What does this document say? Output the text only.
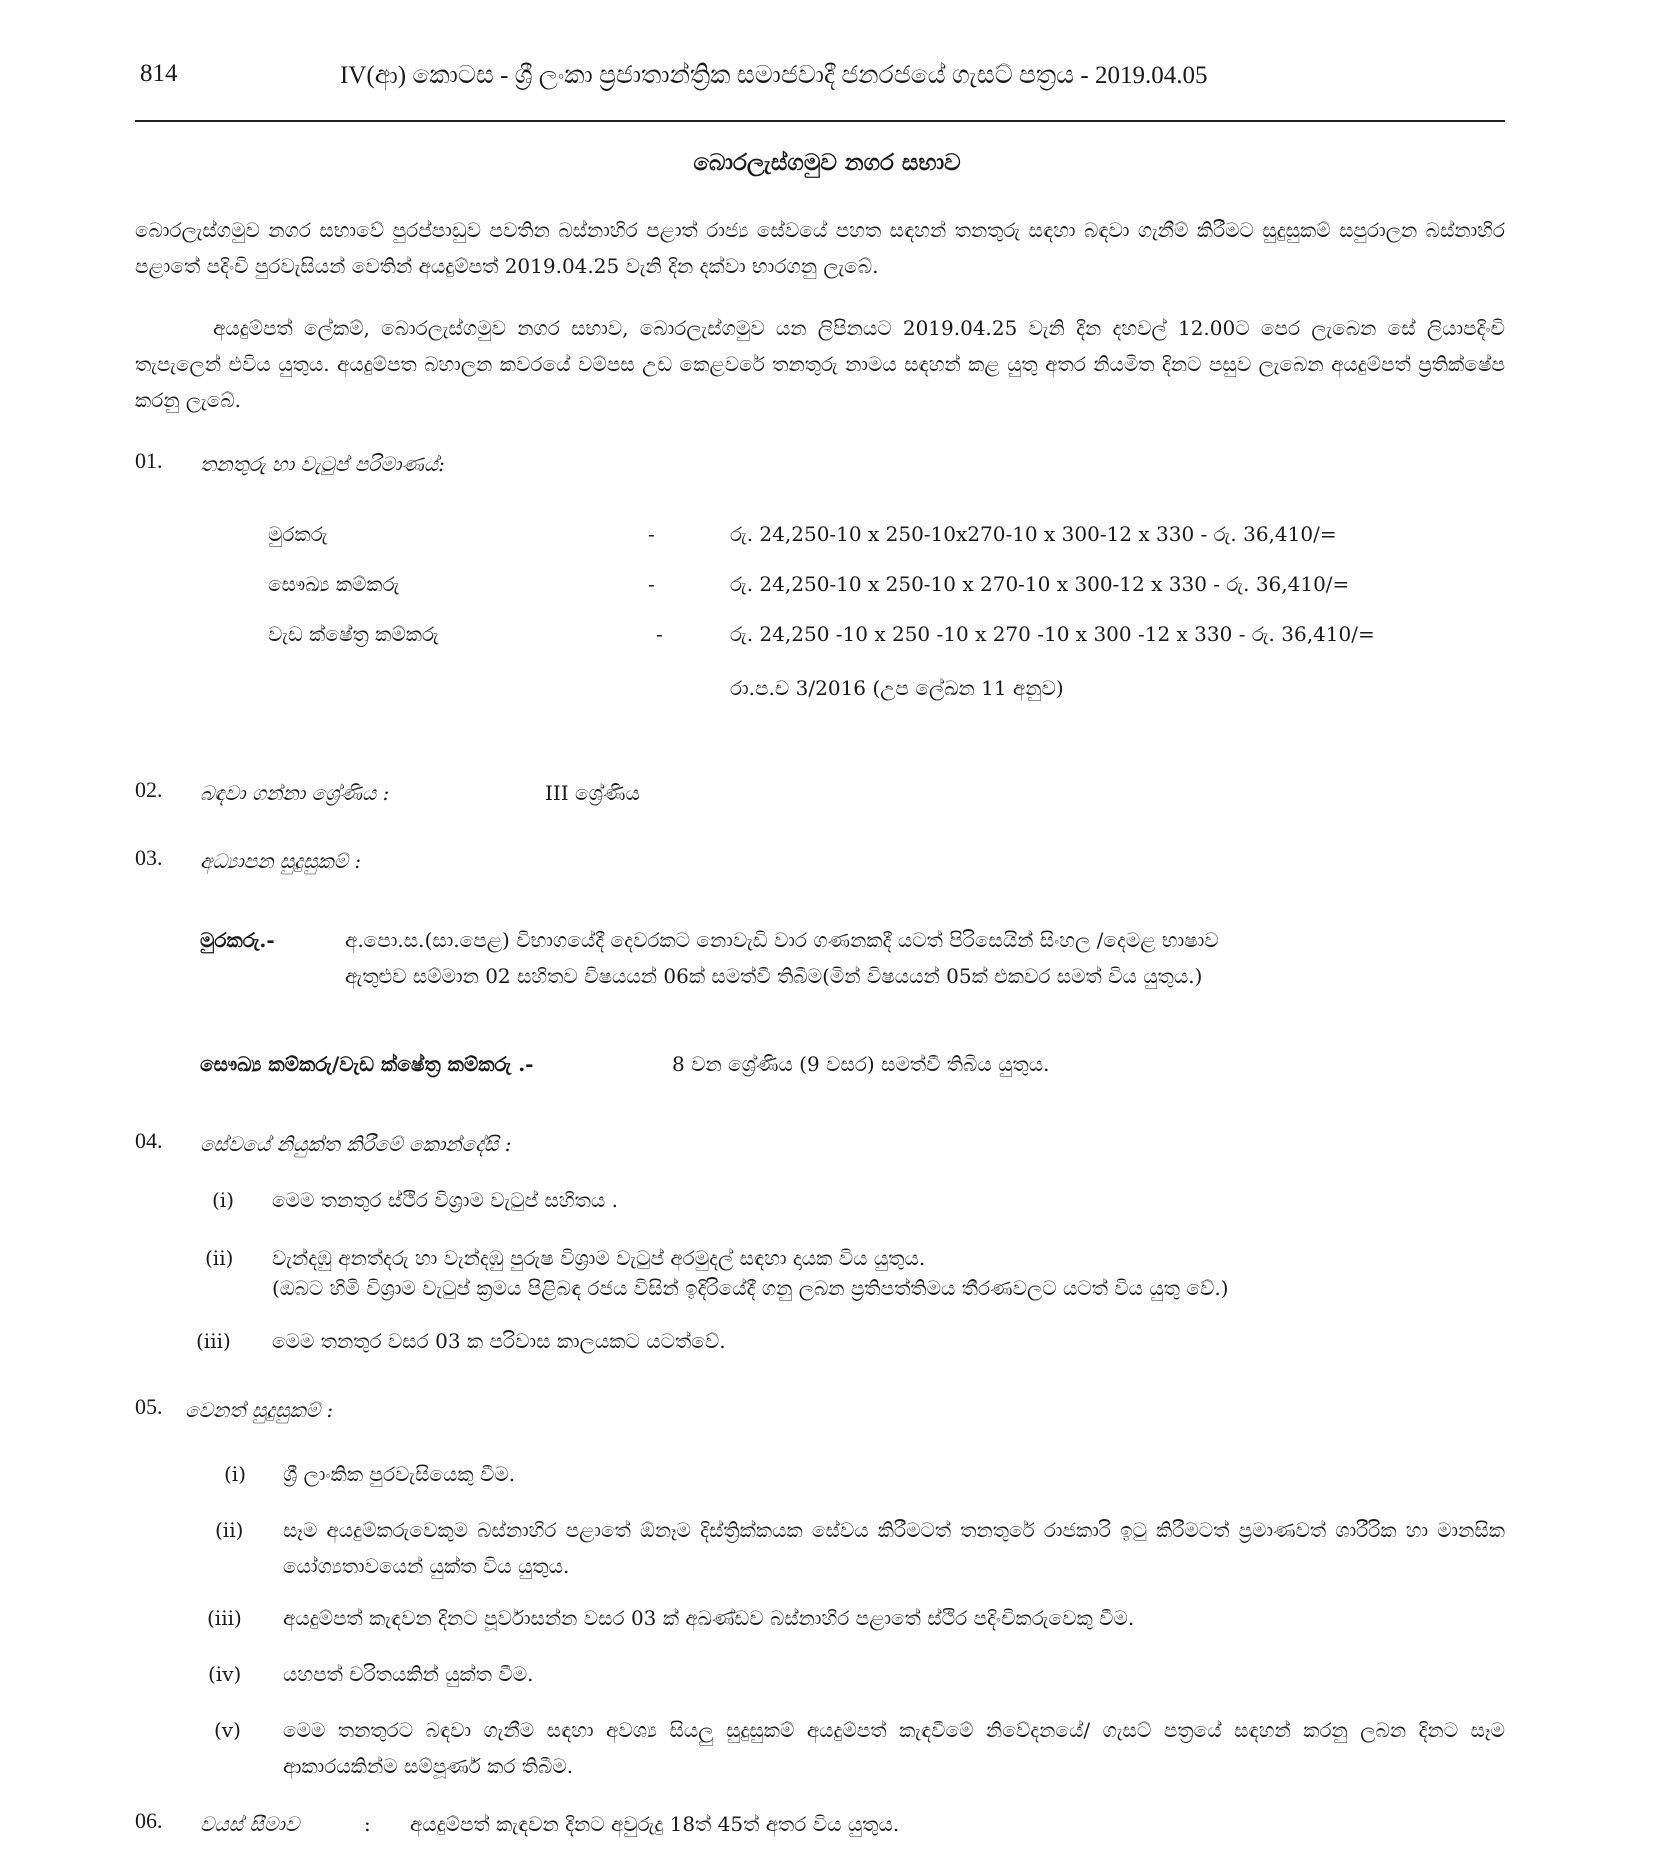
814	IV(ආ) කොටස - ශ්‍රී ලංකා ප්‍රජාතාන්ත්‍රික සමාජවාදී ජනරජයේ ගැසට් පත්‍රය - 2019.04.05
බොරලැස්ගමුව නගර සභාව
බොරලැස්ගමුව නගර සභාවේ පුරප්පාඩුව පවතින බස්නාහිර පළාත් රාජ්‍ය සේවයේ පහත සඳහන් තනතුරු සඳහා බඳවා ගැනීම් කිරීමට සුදුසුකම් සපුරාලන බස්නාහිර පළාතේ පදිංචි පුරවැසියන් වෙතින් අයදුම්පත් 2019.04.25 වැනි දින දක්වා භාරගනු ලැබේ.
අයදුම්පත් ලේකම්, බොරලැස්ගමුව නගර සභාව, බොරලැස්ගමුව යන ලිපිනයට 2019.04.25 වැනි දින දහවල් 12.00ට පෙර ලැබෙන සේ ලියාපදිංචි තැපැලෙන් එවිය යුතුය. අයදුම්පත බහාලන කවරයේ වම්පස උඩ කෙළවරේ තනතුරු නාමය සඳහන් කළ යුතු අතර නියමිත දිනට පසුව ලැබෙන අයදුම්පත් ප්‍රතික්ෂේප කරනු ලැබේ.
01. තනතුරු හා වැටුප් පරිමාණය්:
මුරකරු	-	රු. 24,250-10 x 250-10x270-10 x 300-12 x 330 - රු. 36,410/=
සෞඛ්‍ය කම්කරු	-	රු. 24,250-10 x 250-10 x 270-10 x 300-12 x 330 - රු. 36,410/=
වැඩ ක්ෂේත්‍ර කම්කරු	-	රු. 24,250 -10 x 250 -10 x 270 -10 x 300 -12 x 330 - රු. 36,410/=
රා.ප.ච 3/2016 (උප ලේඛන 11 අනුව)
02. බඳවා ගන්නා ශ්‍රේණිය :	III ශ්‍රේණිය
03. අධ්‍යාපන සුදුසුකම් :
මුරකරු.-	අ.පො.ස.(සා.පෙළ) විභාගයේදී දෙවරකට නොවැඩි වාර ගණනකදී යටත් පිරිසෙයින් සිංහල /දෙමළ භාෂාව
ඇතුළුව සම්මාන 02 සහිතව විෂයයන් 06ක් සමත්වී තිබීම(මින් විෂයයන් 05ක් එකවර සමත් විය යුතුය.)
සෞඛ්‍ය කම්කරු/වැඩ ක්ෂේත්‍ර කම්කරු .-	8 වන ශ්‍රේණිය (9 වසර) සමත්වී තිබිය යුතුය.
04. සේවයේ නියුක්ත කිරීමේ කොන්දේසි :
(i) මෙම තනතුර ස්ථිර විශ්‍රාම වැටුප් සහිතය .
(ii) වැන්දඹු අනත්දරු හා වැන්දඹු පුරුෂ විශ්‍රාම වැටුප් අරමුදල් සඳහා දායක විය යුතුය.
(ඔබට හිමි විශ්‍රාම වැටුප් ක්‍රමය පිළිබඳ රජය විසින් ඉදිරියේදී ගනු ලබන ප්‍රතිපත්තිමය තීරණවලට යටත් විය යුතු වේ.)
(iii) මෙම තනතුර වසර 03 ක පරිවාස කාලයකට යටත්වේ.
05. වෙනත් සුදුසුකම් :
(i) ශ්‍රී ලාංකික පුරවැසියෙකු වීම.
(ii) සෑම අයදුම්කරුවෙකුම බස්නාහිර පළාතේ ඕනෑම දිස්ත්‍රික්කයක සේවය කිරීමටත් තනතුරේ රාජකාරි ඉටු කිරීමටත් ප්‍රමාණවත් ශාරීරික හා මානසික යෝග්‍යතාවයෙන් යුක්ත විය යුතුය.
(iii) අයදුම්පත් කැඳවන දිනට පූර්වාසන්න වසර 03 ක් අඛණ්ඩව බස්නාහිර පළාතේ ස්ථිර පදිංචිකරුවෙකු වීම.
(iv) යහපත් චරිතයකින් යුක්ත වීම.
(v) මෙම තනතුරට බඳවා ගැනීම සඳහා අවශ්‍ය සියලු සුදුසුකම් අයදුම්පත් කැඳවීමේ නිවේදනයේ/ ගැසට් පත්‍රයේ සඳහන් කරනු ලබන දිනට සෑම ආකාරයකින්ම සම්පූර්ණ කර තිබීම.
06. වයස් සීමාව	: අයදුම්පත් කැඳවන දිනට අවුරුදු 18ත් 45ත් අතර විය යුතුය.
